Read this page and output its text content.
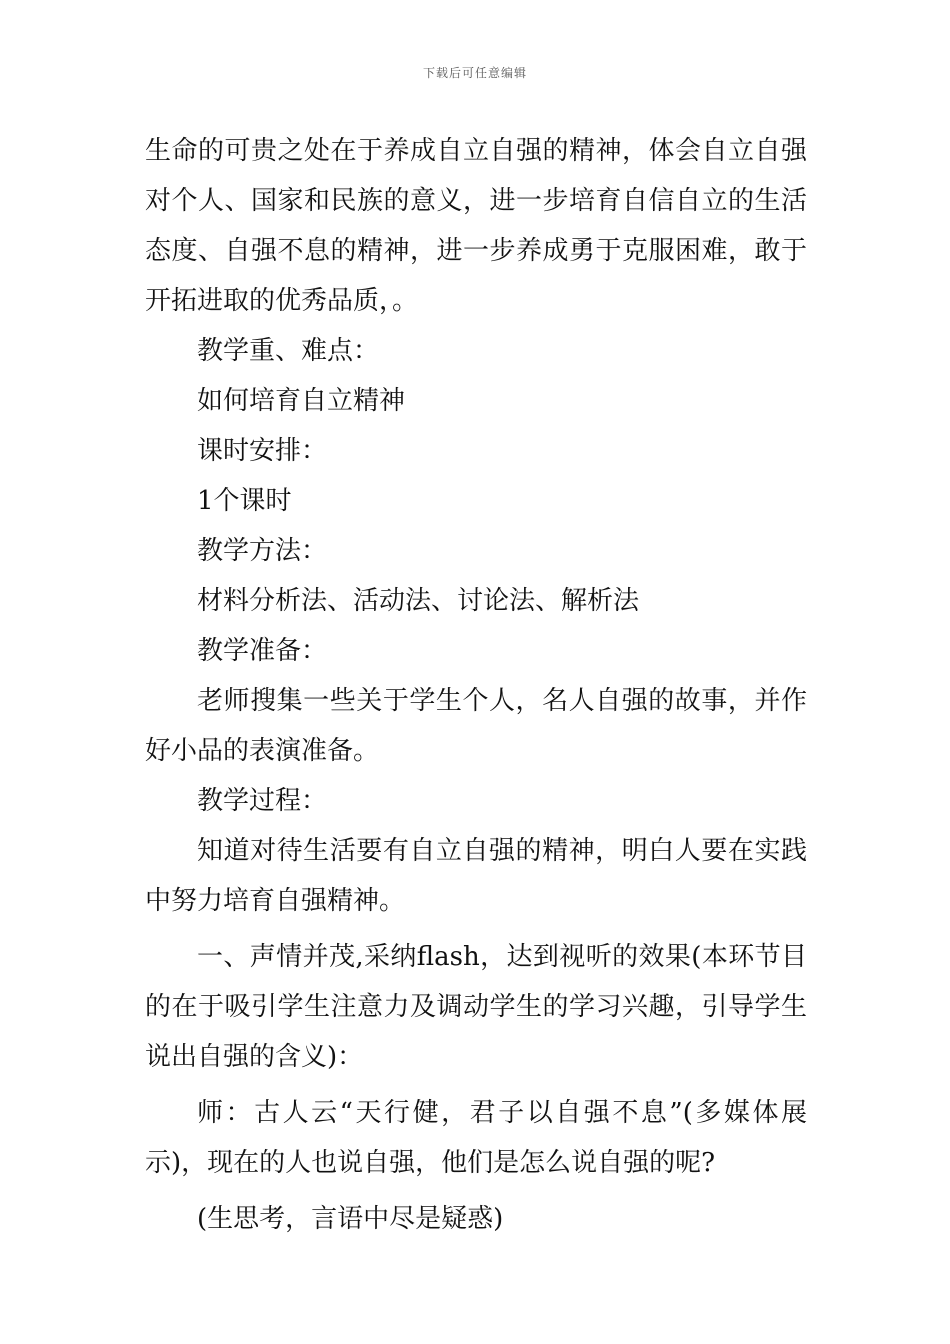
下载后可任意编辑

生命的可贵之处在于养成自立自强的精神，体会自立自强对个人、国家和民族的意义，进一步培育自信自立的生活态度、自强不息的精神，进一步养成勇于克服困难，敢于开拓进取的优秀品质，。

教学重、难点：

如何培育自立精神

课时安排：

1个课时

教学方法：

材料分析法、活动法、讨论法、解析法

教学准备：

老师搜集一些关于学生个人，名人自强的故事，并作好小品的表演准备。

教学过程：

知道对待生活要有自立自强的精神，明白人要在实践中努力培育自强精神。

一、声情并茂,采纳flash，达到视听的效果(本环节目的在于吸引学生注意力及调动学生的学习兴趣，引导学生说出自强的含义)：

师：古人云“天行健，君子以自强不息”(多媒体展示)，现在的人也说自强，他们是怎么说自强的呢?

(生思考，言语中尽是疑惑)
